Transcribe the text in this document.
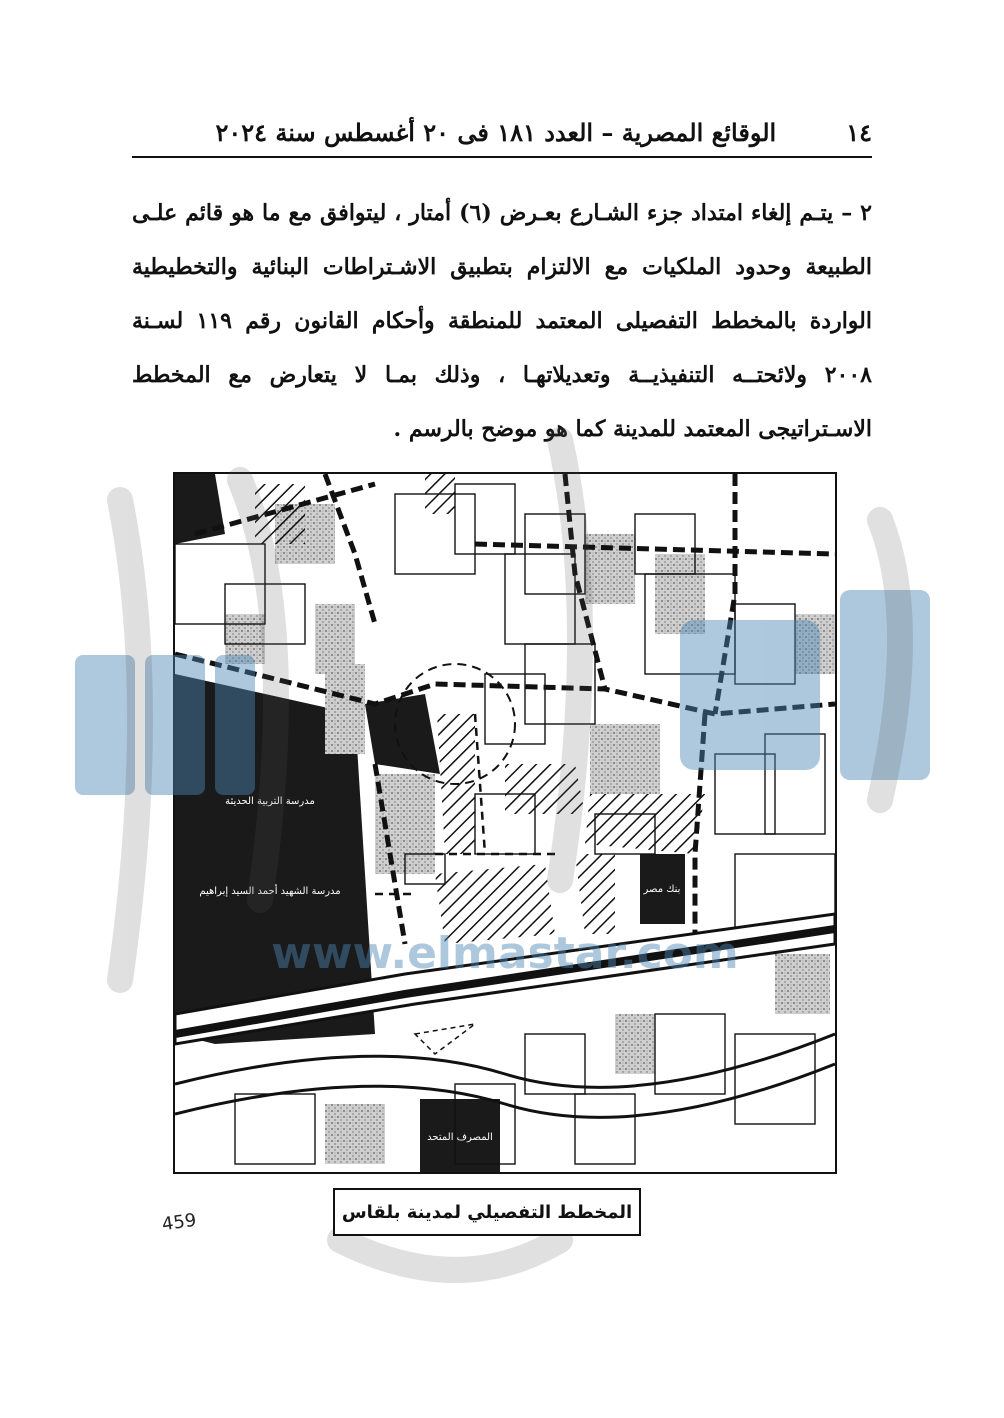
١٤
الوقائع المصرية – العدد ١٨١ فى ٢٠ أغسطس سنة ٢٠٢٤
٢ – يتـم إلغاء امتداد جزء الشـارع بعـرض (٦) أمتار ، ليتوافق مع ما هو قائم علـى الطبيعة وحدود الملكيات مع الالتزام بتطبيق الاشـتراطات البنائية والتخطيطية الواردة بالمخطط التفصيلى المعتمد للمنطقة وأحكام القانون رقم ١١٩ لسـنة ٢٠٠٨ ولائحتــه التنفيذيــة وتعديلاتهـا ، وذلك بمـا لا يتعارض مع المخطط الاسـتراتيجى المعتمد للمدينة كما هو موضح بالرسم .
مدرسة التربية الحديثة
مدرسة الشهيد أحمد السيد إبراهيم	بنك مصر
المصرف المتحد
www.elmastar.com
المخطط التفصيلي لمدينة بلقاس
459
